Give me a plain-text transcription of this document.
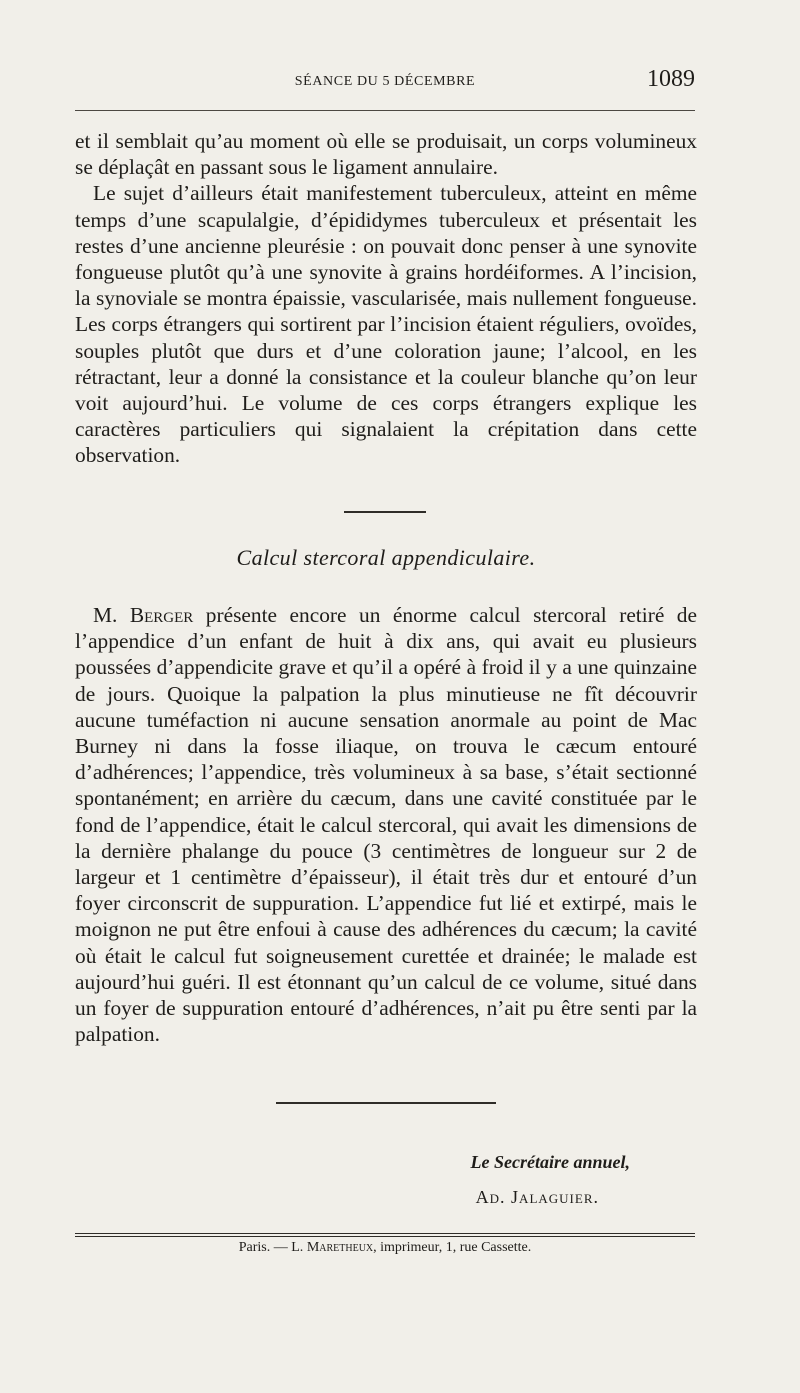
SÉANCE DU 5 DÉCEMBRE	1089

et il semblait qu’au moment où elle se produisait, un corps volumineux se déplaçât en passant sous le ligament annulaire.

Le sujet d’ailleurs était manifestement tuberculeux, atteint en même temps d’une scapulalgie, d’épididymes tuberculeux et présentait les restes d’une ancienne pleurésie : on pouvait donc penser à une synovite fongueuse plutôt qu’à une synovite à grains hordéiformes. A l’incision, la synoviale se montra épaissie, vascularisée, mais nullement fongueuse. Les corps étrangers qui sortirent par l’incision étaient réguliers, ovoïdes, souples plutôt que durs et d’une coloration jaune; l’alcool, en les rétractant, leur a donné la consistance et la couleur blanche qu’on leur voit aujourd’hui. Le volume de ces corps étrangers explique les caractères particuliers qui signalaient la crépitation dans cette observation.

Calcul stercoral appendiculaire.

M. Berger présente encore un énorme calcul stercoral retiré de l’appendice d’un enfant de huit à dix ans, qui avait eu plusieurs poussées d’appendicite grave et qu’il a opéré à froid il y a une quinzaine de jours. Quoique la palpation la plus minutieuse ne fît découvrir aucune tuméfaction ni aucune sensation anormale au point de Mac Burney ni dans la fosse iliaque, on trouva le cæcum entouré d’adhérences; l’appendice, très volumineux à sa base, s’était sectionné spontanément; en arrière du cæcum, dans une cavité constituée par le fond de l’appendice, était le calcul stercoral, qui avait les dimensions de la dernière phalange du pouce (3 centimètres de longueur sur 2 de largeur et 1 centimètre d’épaisseur), il était très dur et entouré d’un foyer circonscrit de suppuration. L’appendice fut lié et extirpé, mais le moignon ne put être enfoui à cause des adhérences du cæcum; la cavité où était le calcul fut soigneusement curettée et drainée; le malade est aujourd’hui guéri. Il est étonnant qu’un calcul de ce volume, situé dans un foyer de suppuration entouré d’adhérences, n’ait pu être senti par la palpation.

Le Secrétaire annuel,
Ad. Jalaguier.
Paris. — L. Maretheux, imprimeur, 1, rue Cassette.
